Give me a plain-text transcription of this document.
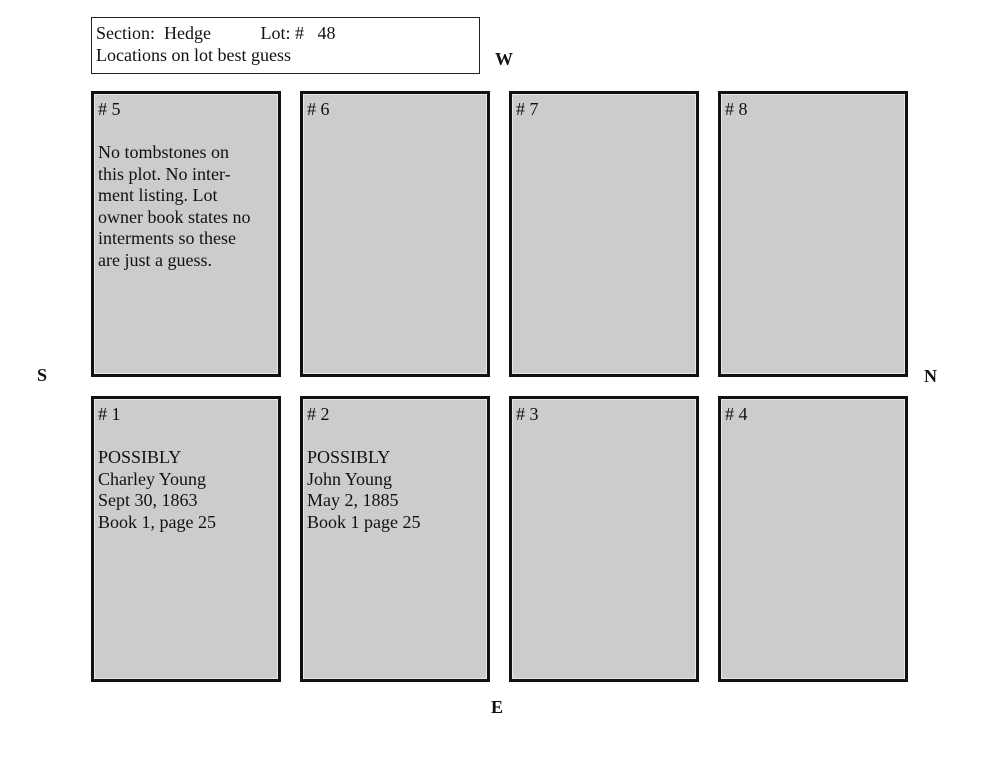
Section: Hedge	Lot: # 48
Locations on lot best guess	W
S	N
E
# 5
No tombstones on
this plot. No inter-
ment listing. Lot
owner book states no
interments so these
are just a guess.
# 6	# 7	# 8
# 1
POSSIBLY
Charley Young
Sept 30, 1863
Book 1, page 25
# 2
POSSIBLY
John Young
May 2, 1885
Book 1 page 25
# 3	# 4
